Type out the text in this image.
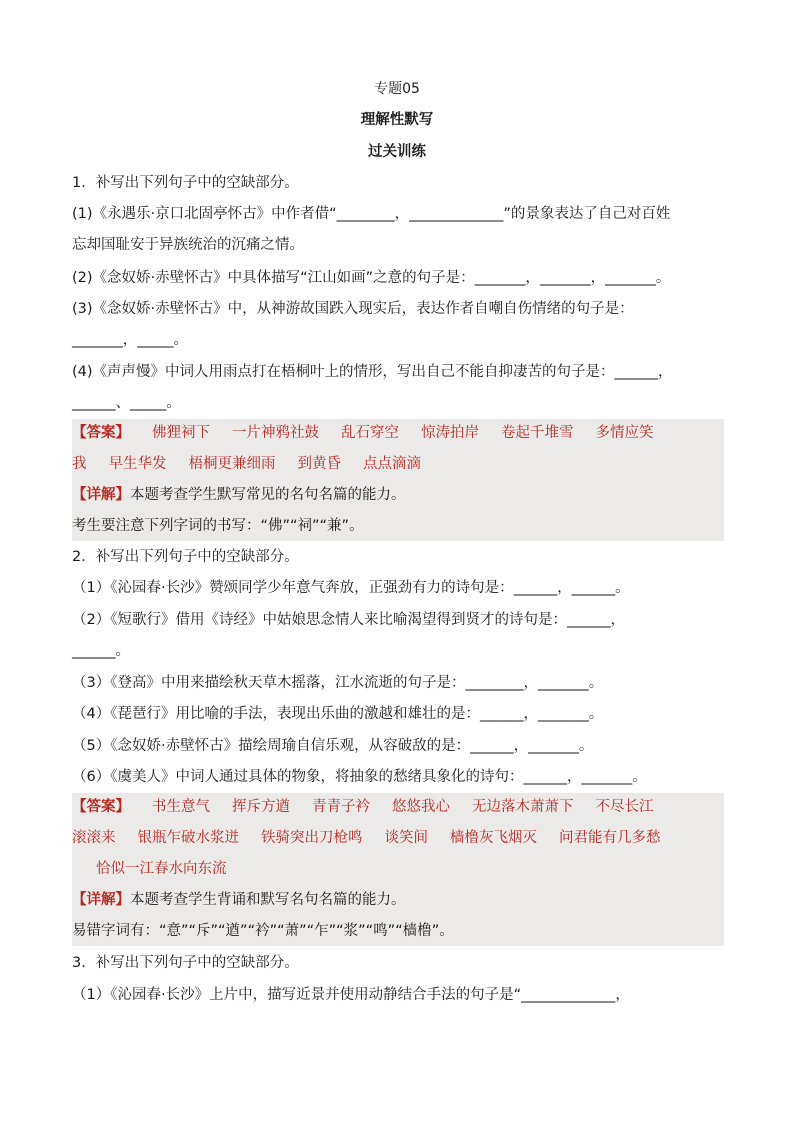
专题05
理解性默写
过关训练
1．补写出下列句子中的空缺部分。
(1)《永遇乐·京口北固亭怀古》中作者借“________，_____________”的景象表达了自己对百姓
忘却国耻安于异族统治的沉痛之情。
(2)《念奴娇·赤壁怀古》中具体描写“江山如画”之意的句子是：_______，_______，_______。
(3)《念奴娇·赤壁怀古》中，从神游故国跌入现实后，表达作者自嘲自伤情绪的句子是：
_______，_____。
(4)《声声慢》中词人用雨点打在梧桐叶上的情形，写出自己不能自抑凄苦的句子是：______，
______、_____。
【答案】 佛狸祠下 一片神鸦社鼓 乱石穿空 惊涛拍岸 卷起千堆雪 多情应笑
我 早生华发 梧桐更兼细雨 到黄昏 点点滴滴
【详解】本题考查学生默写常见的名句名篇的能力。
考生要注意下列字词的书写：“佛”“祠”“兼”。
2．补写出下列句子中的空缺部分。
（1）《沁园春·长沙》赞颂同学少年意气奔放，正强劲有力的诗句是：______，______。
（2）《短歌行》借用《诗经》中姑娘思念情人来比喻渴望得到贤才的诗句是：______，
______。
（3）《登高》中用来描绘秋天草木摇落，江水流逝的句子是：________，_______。
（4）《琵琶行》用比喻的手法，表现出乐曲的激越和雄壮的是：______，_______。
（5）《念奴娇·赤壁怀古》描绘周瑜自信乐观，从容破敌的是：______，_______。
（6）《虞美人》中词人通过具体的物象，将抽象的愁绪具象化的诗句：______，_______。
【答案】 书生意气 挥斥方遒 青青子衿 悠悠我心 无边落木萧萧下 不尽长江
滚滚来 银瓶乍破水浆迸 铁骑突出刀枪鸣 谈笑间 樯橹灰飞烟灭 问君能有几多愁
恰似一江春水向东流
【详解】本题考查学生背诵和默写名句名篇的能力。
易错字词有：“意”“斥”“遒”“衿”“萧”“乍”“浆”“鸣”“樯橹”。
3．补写出下列句子中的空缺部分。
（1）《沁园春·长沙》上片中，描写近景并使用动静结合手法的句子是“_____________，
